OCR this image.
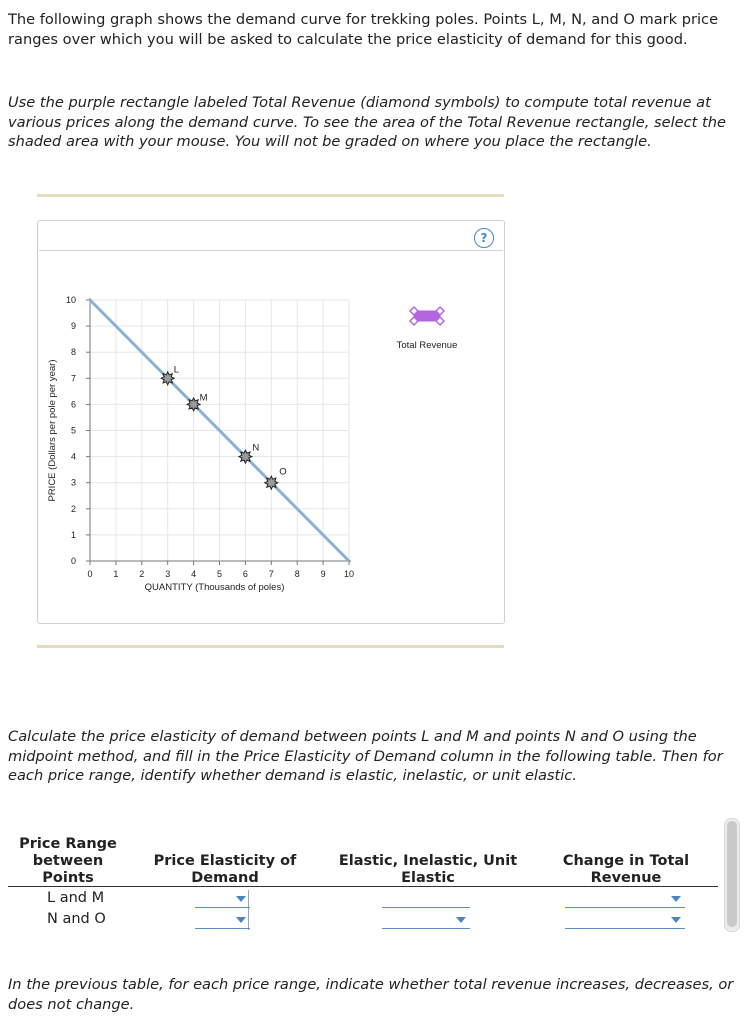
The following graph shows the demand curve for trekking poles. Points L, M, N, and O mark price ranges over which you will be asked to calculate the price elasticity of demand for this good.

Use the purple rectangle labeled Total Revenue (diamond symbols) to compute total revenue at various prices along the demand curve. To see the area of the Total Revenue rectangle, select the shaded area with your mouse. You will not be graded on where you place the rectangle.

?
0 1 2 3 4 5 6 7 8 9 10
0
1
2
3
4
5
6
7
8
9
10
QUANTITY (Thousands of poles)
PRICE (Dollars per pole per year)	L
M
N
O
Total Revenue

Calculate the price elasticity of demand between points L and M and points N and O using the midpoint method, and fill in the Price Elasticity of Demand column in the following table. Then for each price range, identify whether demand is elastic, inelastic, or unit elastic.

Price Range
between
Points
Price Elasticity of
Demand
Elastic, Inelastic, Unit
Elastic
Change in Total
Revenue
L and M
N and O

In the previous table, for each price range, indicate whether total revenue increases, decreases, or does not change.
